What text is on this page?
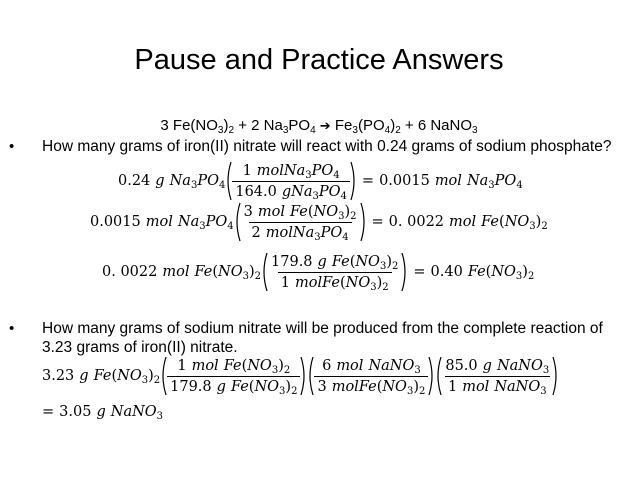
Pause and Practice Answers
3 $Fe(NO_3)_2 + 2$ $Na_3PO_4$ ➔ $Fe_3(PO_4)_2 + 6$ NaNO$_3$
• How many grams of iron(II) nitrate will react with 0.24 grams of sodium phosphate?
0.24 g $Na_3PO_4 \frac{1 molNa_3PO_4}{164.0 gNa_3PO_4} = 0.0015$ mol $Na_3PO_4$
0.0015 mol $Na_3PO_4 \frac{3 mol Fe(NO_3)_2}{2 molNa_3PO_4} = 0$. 0022 mol $Fe(NO_3)_2$
0. 0022 mol $Fe(NO_3)_2 \frac{179.8 g Fe(NO_3)_2}{1 molFe(NO_3)_2} = 0.40$ $Fe(NO_3)_2$
• How many grams of sodium nitrate will be produced from the complete reaction of
3.23 grams of iron(II) nitrate.
3.23 g $Fe(NO_3)_2 \frac{1 mol Fe(NO_3)_2}{179.8 g Fe(NO_3)_2} \frac{6 mol NaNO_3}{3 molFe(NO_3)_2} \frac{85.0 g NaNO_3}{1 mol NaNO_3}$
= 3.05 g NaNO$_3$
